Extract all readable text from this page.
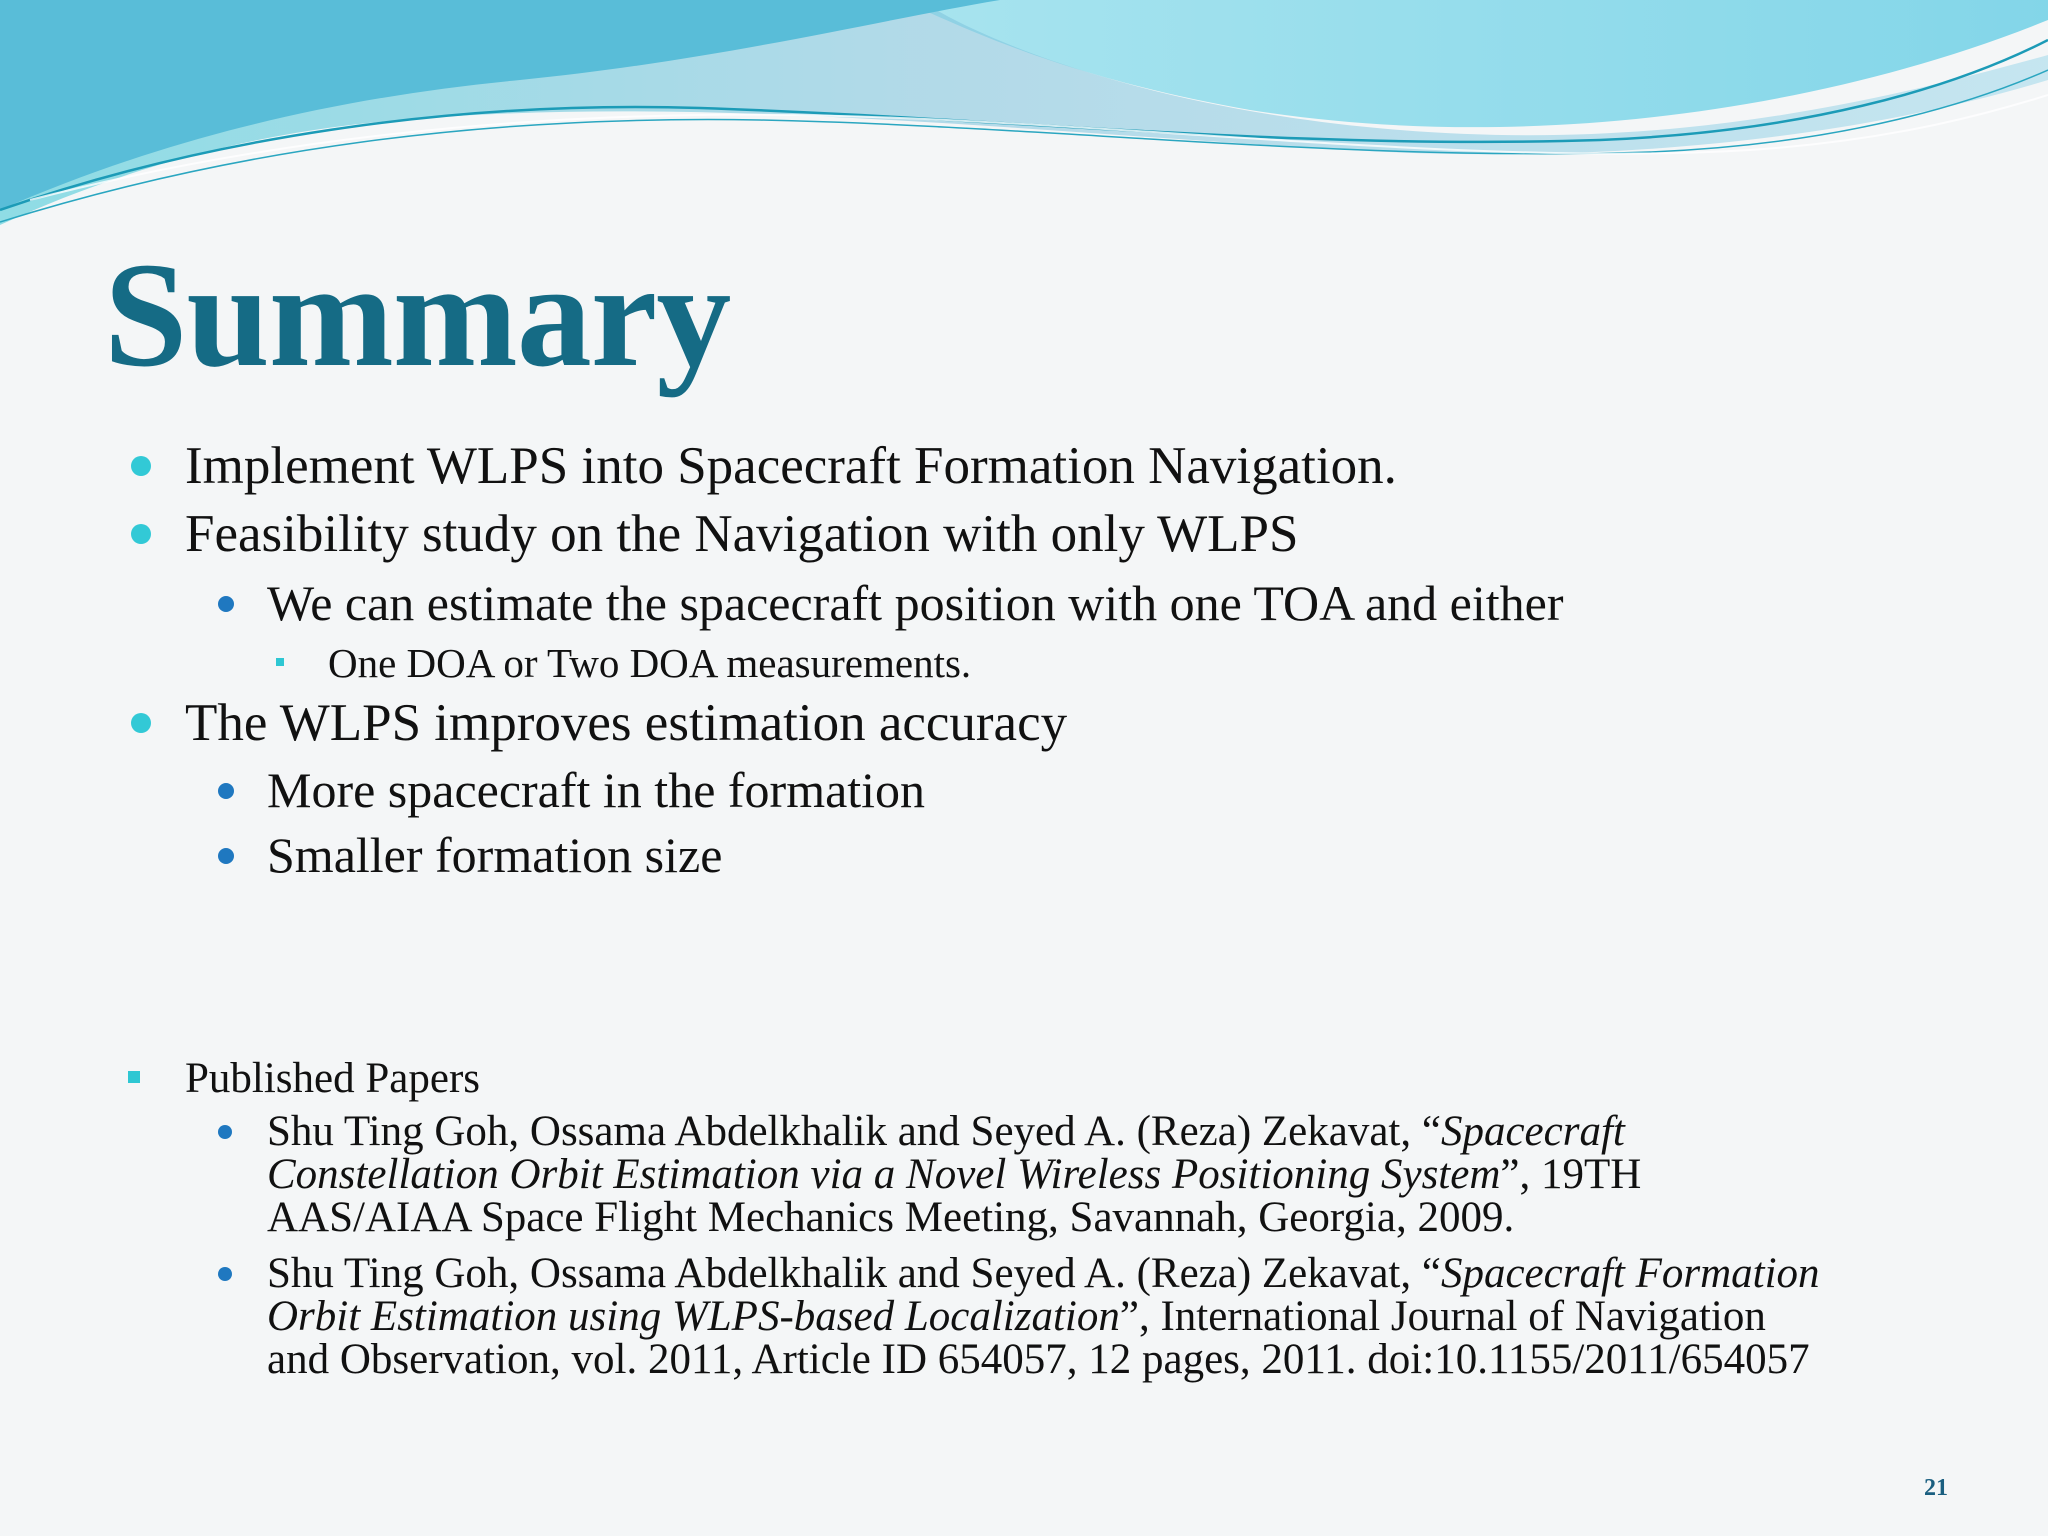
Summary
Implement WLPS into Spacecraft Formation Navigation.
Feasibility study on the Navigation with only WLPS
We can estimate the spacecraft position with one TOA and either
One DOA or Two DOA measurements.
The WLPS improves estimation accuracy
More spacecraft in the formation
Smaller formation size
Published Papers
Shu Ting Goh, Ossama Abdelkhalik and Seyed A. (Reza) Zekavat, “Spacecraft
Constellation Orbit Estimation via a Novel Wireless Positioning System”, 19TH
AAS/AIAA Space Flight Mechanics Meeting, Savannah, Georgia, 2009.
Shu Ting Goh, Ossama Abdelkhalik and Seyed A. (Reza) Zekavat, “Spacecraft Formation
Orbit Estimation using WLPS-based Localization”, International Journal of Navigation
and Observation, vol. 2011, Article ID 654057, 12 pages, 2011. doi:10.1155/2011/654057
21
